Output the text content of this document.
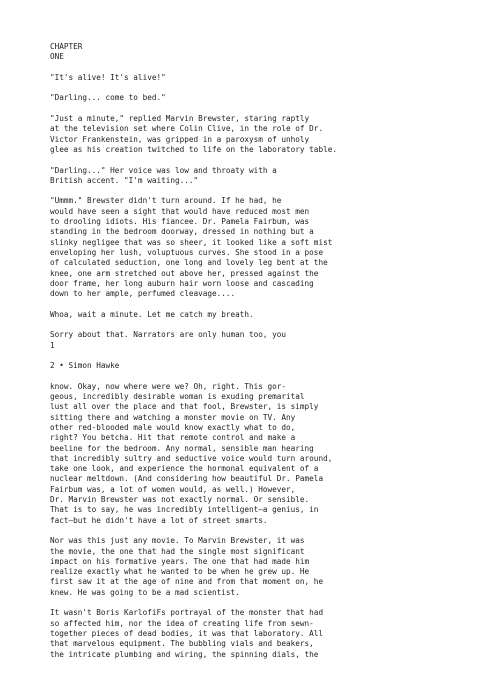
CHAPTER
ONE

"It's alive! It's alive!"

"Darling... come to bed."

"Just a minute," replied Marvin Brewster, staring raptly
at the television set where Colin Clive, in the role of Dr.
Victor Frankenstein, was gripped in a paroxysm of unholy
glee as his creation twitched to life on the laboratory table.

"Darling..." Her voice was low and throaty with a
British accent. "I'm waiting..."

"Ummm." Brewster didn't turn around. If he had, he
would have seen a sight that would have reduced most men
to drooling idiots. His fiancee. Dr. Pamela Fairbum, was
standing in the bedroom doorway, dressed in nothing but a
slinky negligee that was so sheer, it looked like a soft mist
enveloping her lush, voluptuous curves. She stood in a pose
of calculated seduction, one long and lovely leg bent at the
knee, one arm stretched out above her, pressed against the
door frame, her long auburn hair worn loose and cascading
down to her ample, perfumed cleavage....

Whoa, wait a minute. Let me catch my breath.

Sorry about that. Narrators are only human too, you
1

2 • Simon Hawke

know. Okay, now where were we? Oh, right. This gor-
geous, incredibly desirable woman is exuding premarital
lust all over the place and that fool, Brewster, is simply
sitting there and watching a monster movie on TV. Any
other red-blooded male would know exactly what to do,
right? You betcha. Hit that remote control and make a
beeline for the bedroom. Any normal, sensible man hearing
that incredibly sultry and seductive voice would turn around,
take one look, and experience the hormonal equivalent of a
nuclear meltdown. (And considering how beautiful Dr. Pamela
Fairbum was, a lot of women would, as well.) However,
Dr. Marvin Brewster was not exactly normal. Or sensible.
That is to say, he was incredibly intelligent—a genius, in
fact—but he didn't have a lot of street smarts.

Nor was this just any movie. To Marvin Brewster, it was
the movie, the one that had the single most significant
impact on his formative years. The one that had made him
realize exactly what he wanted to be when he grew up. He
first saw it at the age of nine and from that moment on, he
knew. He was going to be a mad scientist.

It wasn't Boris KarlofiFs portrayal of the monster that had
so affected him, nor the idea of creating life from sewn-
together pieces of dead bodies, it was that laboratory. All
that marvelous equipment. The bubbling vials and beakers,
the intricate plumbing and wiring, the spinning dials, the
